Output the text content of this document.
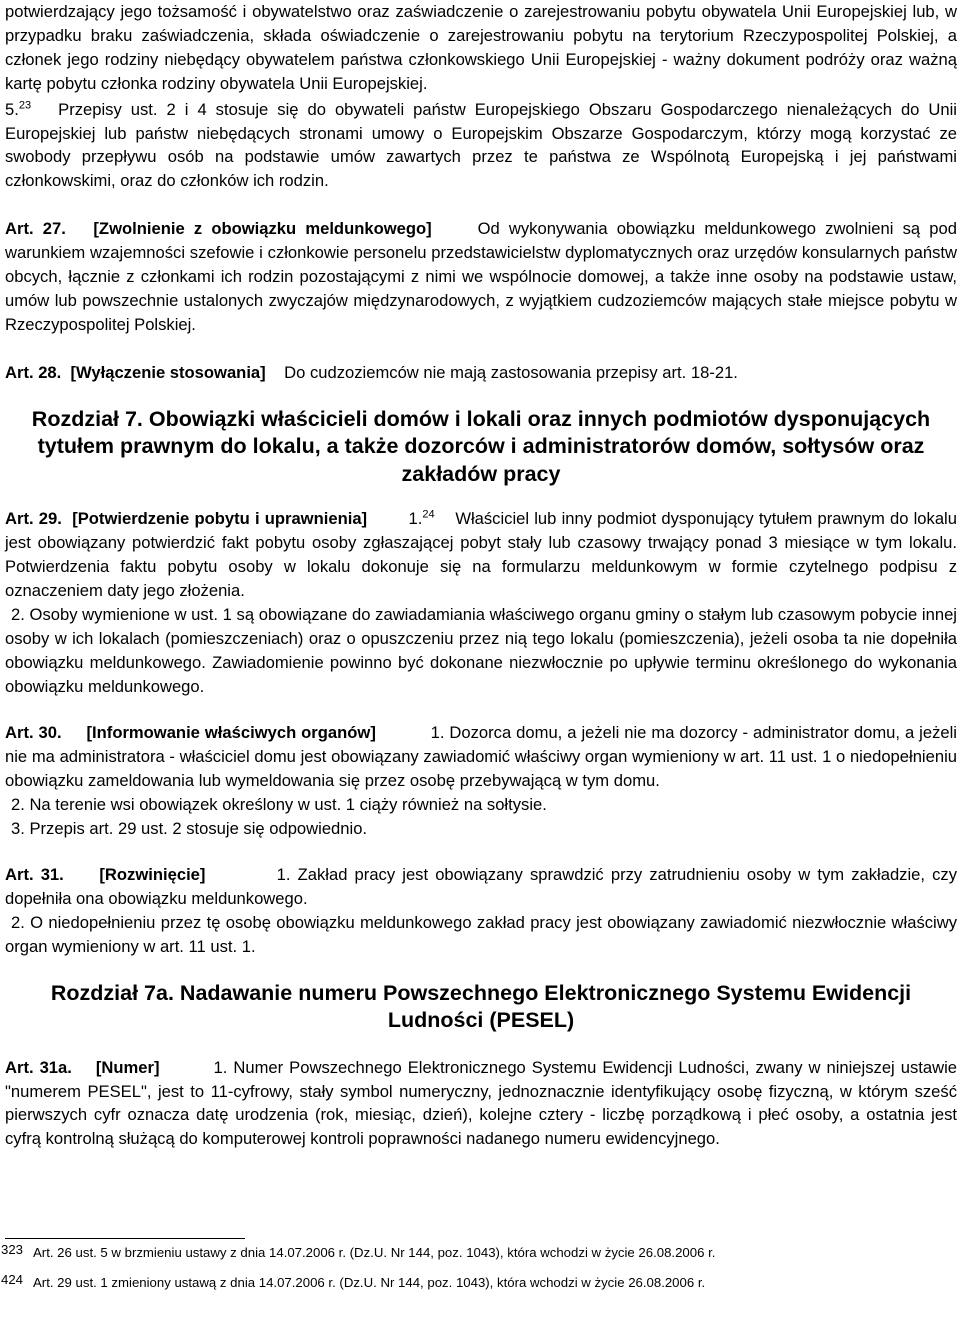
potwierdzający jego tożsamość i obywatelstwo oraz zaświadczenie o zarejestrowaniu pobytu obywatela Unii Europejskiej lub, w przypadku braku zaświadczenia, składa oświadczenie o zarejestrowaniu pobytu na terytorium Rzeczypospolitej Polskiej, a członek jego rodziny niebędący obywatelem państwa członkowskiego Unii Europejskiej - ważny dokument podróży oraz ważną kartę pobytu członka rodziny obywatela Unii Europejskiej.

5.23 Przepisy ust. 2 i 4 stosuje się do obywateli państw Europejskiego Obszaru Gospodarczego nienależących do Unii Europejskiej lub państw niebędących stronami umowy o Europejskim Obszarze Gospodarczym, którzy mogą korzystać ze swobody przepływu osób na podstawie umów zawartych przez te państwa ze Wspólnotą Europejską i jej państwami członkowskimi, oraz do członków ich rodzin.

Art. 27. [Zwolnienie z obowiązku meldunkowego]	Od wykonywania obowiązku meldunkowego zwolnieni są pod warunkiem wzajemności szefowie i członkowie personelu przedstawicielstw dyplomatycznych oraz urzędów konsularnych państw obcych, łącznie z członkami ich rodzin pozostającymi z nimi we wspólnocie domowej, a także inne osoby na podstawie ustaw, umów lub powszechnie ustalonych zwyczajów międzynarodowych, z wyjątkiem cudzoziemców mających stałe miejsce pobytu w Rzeczypospolitej Polskiej.

Art. 28. [Wyłączenie stosowania] Do cudzoziemców nie mają zastosowania przepisy art. 18-21.

Rozdział 7. Obowiązki właścicieli domów i lokali oraz innych podmiotów dysponujących tytułem prawnym do lokalu, a także dozorców i administratorów domów, sołtysów oraz zakładów pracy

Art. 29. [Potwierdzenie pobytu i uprawnienia] 1.24 Właściciel lub inny podmiot dysponujący tytułem prawnym do lokalu jest obowiązany potwierdzić fakt pobytu osoby zgłaszającej pobyt stały lub czasowy trwający ponad 3 miesiące w tym lokalu. Potwierdzenia faktu pobytu osoby w lokalu dokonuje się na formularzu meldunkowym w formie czytelnego podpisu z oznaczeniem daty jego złożenia.

2. Osoby wymienione w ust. 1 są obowiązane do zawiadamiania właściwego organu gminy o stałym lub czasowym pobycie innej osoby w ich lokalach (pomieszczeniach) oraz o opuszczeniu przez nią tego lokalu (pomieszczenia), jeżeli osoba ta nie dopełniła obowiązku meldunkowego. Zawiadomienie powinno być dokonane niezwłocznie po upływie terminu określonego do wykonania obowiązku meldunkowego.

Art. 30. [Informowanie właściwych organów]	1. Dozorca domu, a jeżeli nie ma dozorcy - administrator domu, a jeżeli nie ma administratora - właściciel domu jest obowiązany zawiadomić właściwy organ wymieniony w art. 11 ust. 1 o niedopełnieniu obowiązku zameldowania lub wymeldowania się przez osobę przebywającą w tym domu.

2. Na terenie wsi obowiązek określony w ust. 1 ciąży również na sołtysie.

3. Przepis art. 29 ust. 2 stosuje się odpowiednio.

Art. 31. [Rozwinięcie]	1. Zakład pracy jest obowiązany sprawdzić przy zatrudnieniu osoby w tym zakładzie, czy dopełniła ona obowiązku meldunkowego.

2. O niedopełnieniu przez tę osobę obowiązku meldunkowego zakład pracy jest obowiązany zawiadomić niezwłocznie właściwy organ wymieniony w art. 11 ust. 1.

Rozdział 7a. Nadawanie numeru Powszechnego Elektronicznego Systemu Ewidencji Ludności (PESEL)

Art. 31a. [Numer]	1. Numer Powszechnego Elektronicznego Systemu Ewidencji Ludności, zwany w niniejszej ustawie "numerem PESEL", jest to 11-cyfrowy, stały symbol numeryczny, jednoznacznie identyfikujący osobę fizyczną, w którym sześć pierwszych cyfr oznacza datę urodzenia (rok, miesiąc, dzień), kolejne cztery - liczbę porządkową i płeć osoby, a ostatnia jest cyfrą kontrolną służącą do komputerowej kontroli poprawności nadanego numeru ewidencyjnego.

323 Art. 26 ust. 5 w brzmieniu ustawy z dnia 14.07.2006 r. (Dz.U. Nr 144, poz. 1043), która wchodzi w życie 26.08.2006 r.
424 Art. 29 ust. 1 zmieniony ustawą z dnia 14.07.2006 r. (Dz.U. Nr 144, poz. 1043), która wchodzi w życie 26.08.2006 r.
